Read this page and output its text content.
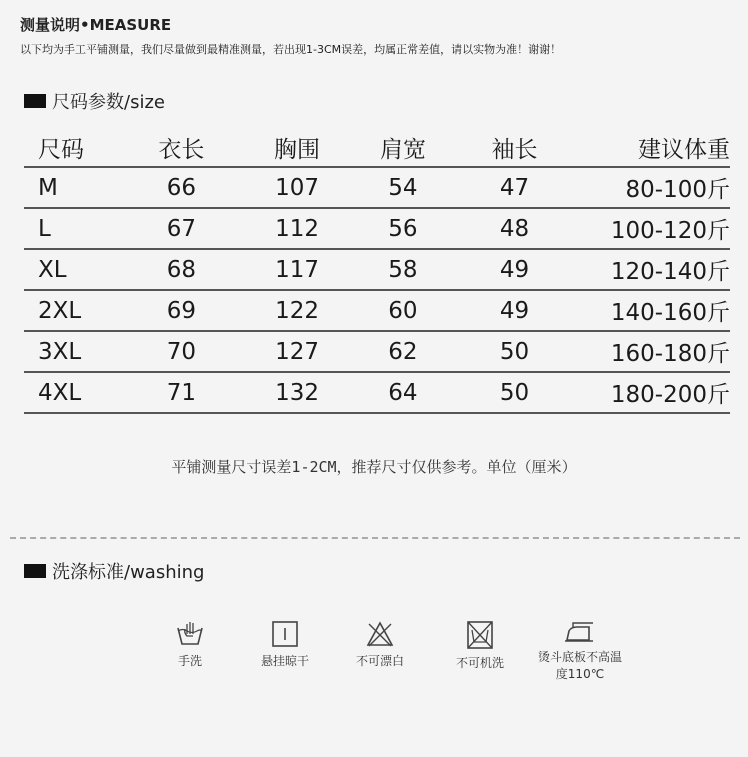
测量说明•MEASURE
以下均为手工平铺测量，我们尽量做到最精准测量，若出现1-3CM误差，均属正常差值，请以实物为准！谢谢！
尺码参数/size
尺码	衣长	胸围	肩宽	袖长	建议体重
M	66	107	54	47	80-100斤
L	67	112	56	48	100-120斤
XL	68	117	58	49	120-140斤
2XL	69	122	60	49	140-160斤
3XL	70	127	62	50	160-180斤
4XL	71	132	64	50	180-200斤
平铺测量尺寸误差1-2CM，推荐尺寸仅供参考。单位（厘米）
洗涤标准/washing
手洗	悬挂晾干	不可漂白	不可机洗	烫斗底板不高温度110℃
